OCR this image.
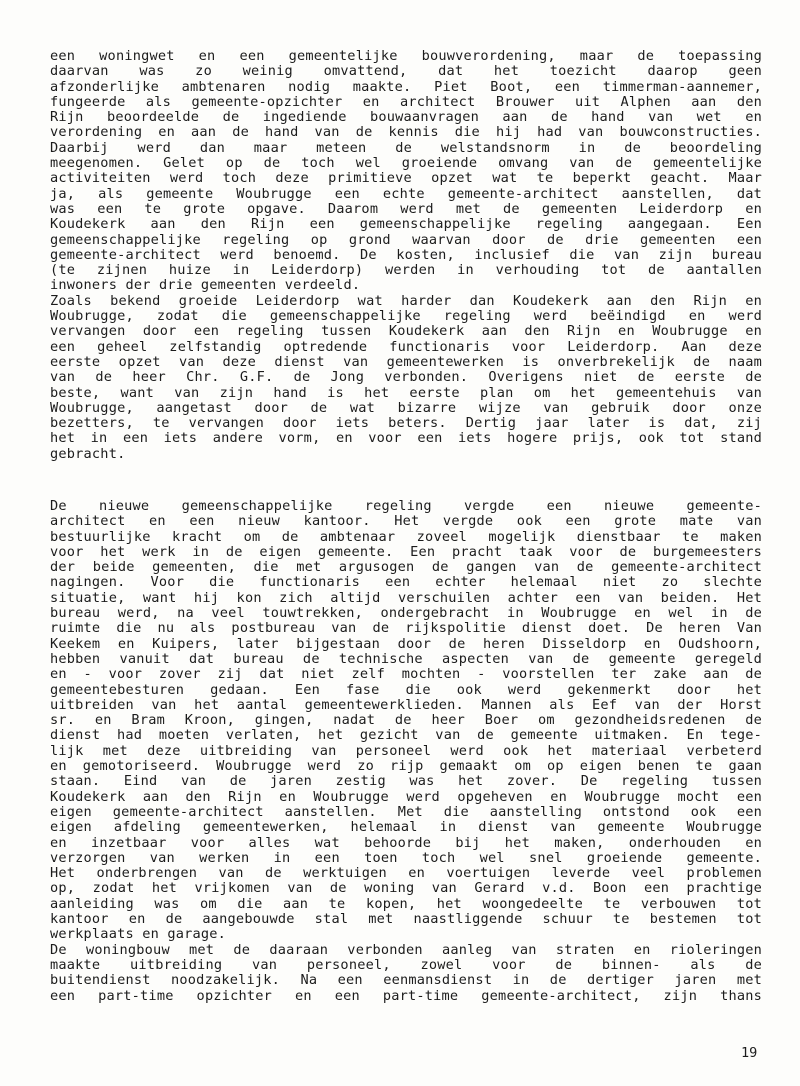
een woningwet en een gemeentelijke bouwverordening, maar de toepassing
daarvan was zo weinig omvattend, dat het toezicht daarop geen
afzonderlijke ambtenaren nodig maakte. Piet Boot, een timmerman-aannemer,
fungeerde als gemeente-opzichter en architect Brouwer uit Alphen aan den
Rijn beoordeelde de ingediende bouwaanvragen aan de hand van wet en
verordening en aan de hand van de kennis die hij had van bouwconstructies.
Daarbij werd dan maar meteen de welstandsnorm in de beoordeling
meegenomen. Gelet op de toch wel groeiende omvang van de gemeentelijke
activiteiten werd toch deze primitieve opzet wat te beperkt geacht. Maar
ja, als gemeente Woubrugge een echte gemeente-architect aanstellen, dat
was een te grote opgave. Daarom werd met de gemeenten Leiderdorp en
Koudekerk aan den Rijn een gemeenschappelijke regeling aangegaan. Een
gemeenschappelijke regeling op grond waarvan door de drie gemeenten een
gemeente-architect werd benoemd. De kosten, inclusief die van zijn bureau
(te zijnen huize in Leiderdorp) werden in verhouding tot de aantallen
inwoners der drie gemeenten verdeeld.
Zoals bekend groeide Leiderdorp wat harder dan Koudekerk aan den Rijn en
Woubrugge, zodat die gemeenschappelijke regeling werd beëindigd en werd
vervangen door een regeling tussen Koudekerk aan den Rijn en Woubrugge en
een geheel zelfstandig optredende functionaris voor Leiderdorp. Aan deze
eerste opzet van deze dienst van gemeentewerken is onverbrekelijk de naam
van de heer Chr. G.F. de Jong verbonden. Overigens niet de eerste de
beste, want van zijn hand is het eerste plan om het gemeentehuis van
Woubrugge, aangetast door de wat bizarre wijze van gebruik door onze
bezetters, te vervangen door iets beters. Dertig jaar later is dat, zij
het in een iets andere vorm, en voor een iets hogere prijs, ook tot stand
gebracht.
De nieuwe gemeenschappelijke regeling vergde een nieuwe gemeente-
architect en een nieuw kantoor. Het vergde ook een grote mate van
bestuurlijke kracht om de ambtenaar zoveel mogelijk dienstbaar te maken
voor het werk in de eigen gemeente. Een pracht taak voor de burgemeesters
der beide gemeenten, die met argusogen de gangen van de gemeente-architect
nagingen. Voor die functionaris een echter helemaal niet zo slechte
situatie, want hij kon zich altijd verschuilen achter een van beiden. Het
bureau werd, na veel touwtrekken, ondergebracht in Woubrugge en wel in de
ruimte die nu als postbureau van de rijkspolitie dienst doet. De heren Van
Keekem en Kuipers, later bijgestaan door de heren Disseldorp en Oudshoorn,
hebben vanuit dat bureau de technische aspecten van de gemeente geregeld
en - voor zover zij dat niet zelf mochten - voorstellen ter zake aan de
gemeentebesturen gedaan. Een fase die ook werd gekenmerkt door het
uitbreiden van het aantal gemeentewerklieden. Mannen als Eef van der Horst
sr. en Bram Kroon, gingen, nadat de heer Boer om gezondheidsredenen de
dienst had moeten verlaten, het gezicht van de gemeente uitmaken. En tege-
lijk met deze uitbreiding van personeel werd ook het materiaal verbeterd
en gemotoriseerd. Woubrugge werd zo rijp gemaakt om op eigen benen te gaan
staan. Eind van de jaren zestig was het zover. De regeling tussen
Koudekerk aan den Rijn en Woubrugge werd opgeheven en Woubrugge mocht een
eigen gemeente-architect aanstellen. Met die aanstelling ontstond ook een
eigen afdeling gemeentewerken, helemaal in dienst van gemeente Woubrugge
en inzetbaar voor alles wat behoorde bij het maken, onderhouden en
verzorgen van werken in een toen toch wel snel groeiende gemeente.
Het onderbrengen van de werktuigen en voertuigen leverde veel problemen
op, zodat het vrijkomen van de woning van Gerard v.d. Boon een prachtige
aanleiding was om die aan te kopen, het woongedeelte te verbouwen tot
kantoor en de aangebouwde stal met naastliggende schuur te bestemen tot
werkplaats en garage.
De woningbouw met de daaraan verbonden aanleg van straten en rioleringen
maakte uitbreiding van personeel, zowel voor de binnen- als de
buitendienst noodzakelijk. Na een eenmansdienst in de dertiger jaren met
een part-time opzichter en een part-time gemeente-architect, zijn thans
19
